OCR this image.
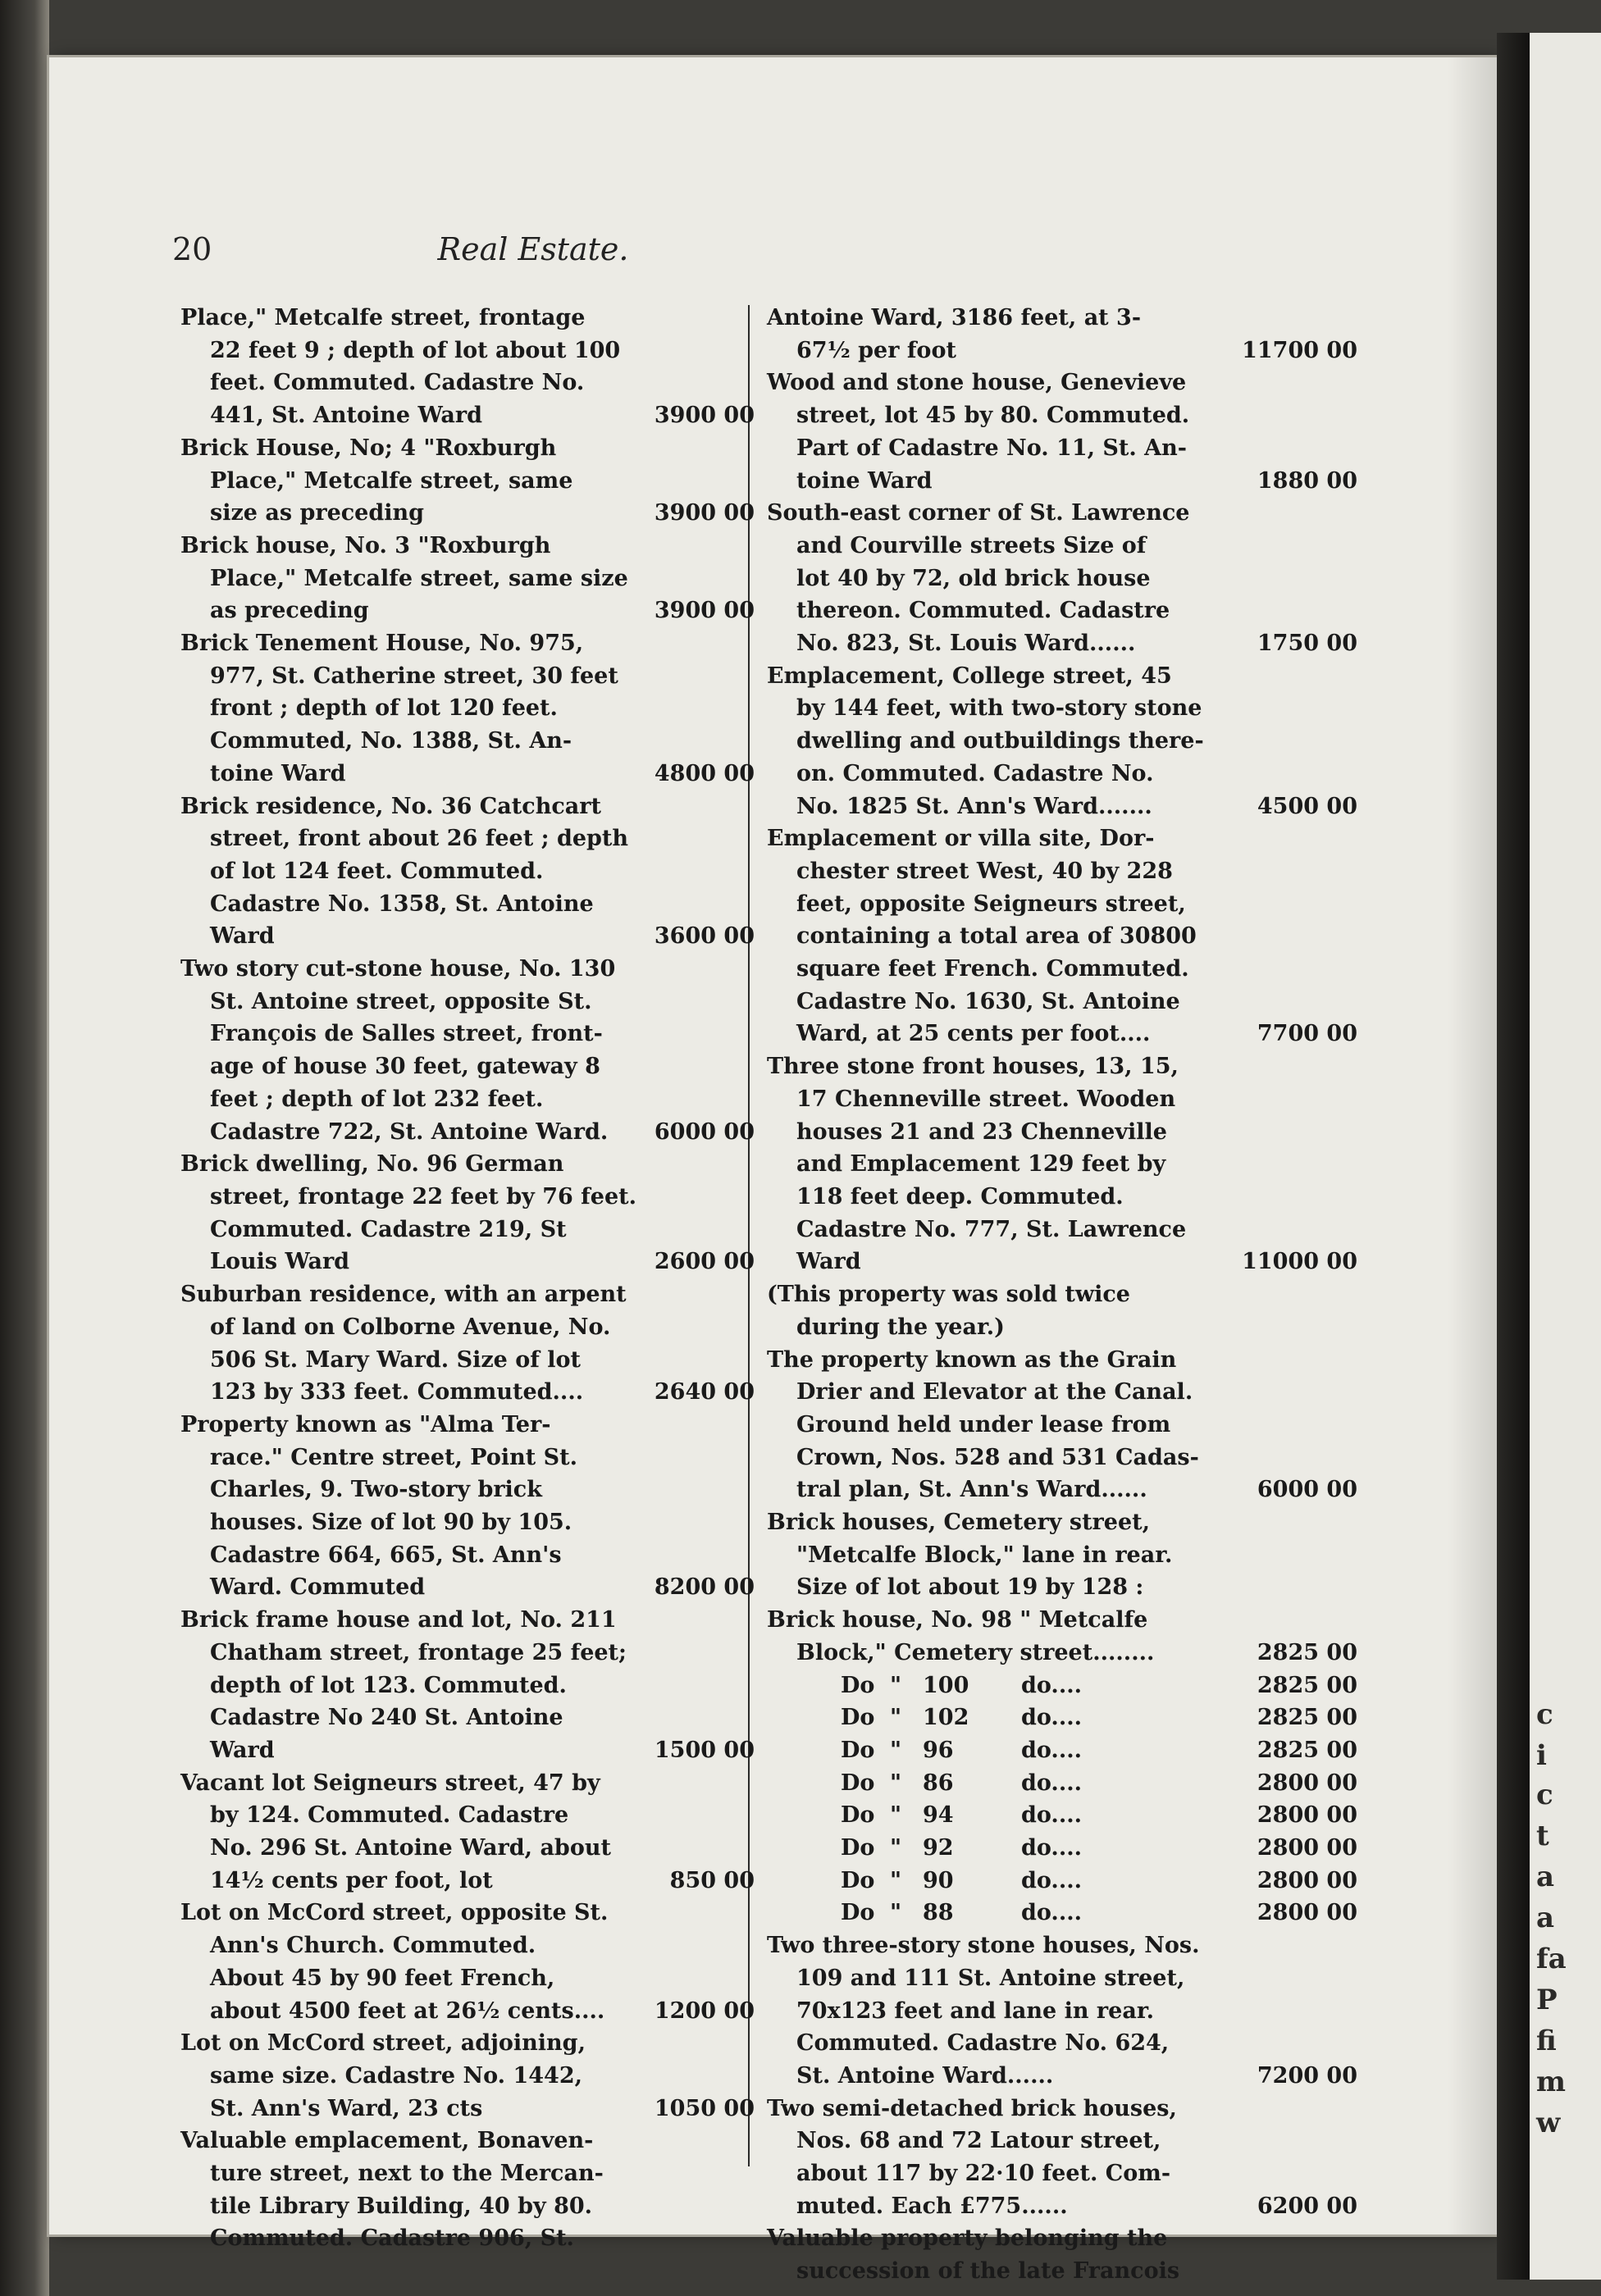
20	Real Estate.
Place," Metcalfe street, frontage
22 feet 9 ; depth of lot about 100
feet. Commuted. Cadastre No.
441, St. Antoine Ward	3900 00
Brick House, No; 4 "Roxburgh
Place," Metcalfe street, same
size as preceding	3900 00
Brick house, No. 3 "Roxburgh
Place," Metcalfe street, same size
as preceding	3900 00
Brick Tenement House, No. 975,
977, St. Catherine street, 30 feet
front ; depth of lot 120 feet.
Commuted, No. 1388, St. An-
toine Ward	4800 00
Brick residence, No. 36 Catchcart
street, front about 26 feet ; depth
of lot 124 feet. Commuted.
Cadastre No. 1358, St. Antoine
Ward	3600 00
Two story cut-stone house, No. 130
St. Antoine street, opposite St.
François de Salles street, front-
age of house 30 feet, gateway 8
feet ; depth of lot 232 feet.
Cadastre 722, St. Antoine Ward.	6000 00
Brick dwelling, No. 96 German
street, frontage 22 feet by 76 feet.
Commuted. Cadastre 219, St
Louis Ward	2600 00
Suburban residence, with an arpent
of land on Colborne Avenue, No.
506 St. Mary Ward. Size of lot
123 by 333 feet. Commuted....	2640 00
Property known as "Alma Ter-
race." Centre street, Point St.
Charles, 9. Two-story brick
houses. Size of lot 90 by 105.
Cadastre 664, 665, St. Ann's
Ward. Commuted	8200 00
Brick frame house and lot, No. 211
Chatham street, frontage 25 feet;
depth of lot 123. Commuted.
Cadastre No 240 St. Antoine
Ward	1500 00
Vacant lot Seigneurs street, 47 by
by 124. Commuted. Cadastre
No. 296 St. Antoine Ward, about
14½ cents per foot, lot	850 00
Lot on McCord street, opposite St.
Ann's Church. Commuted.
About 45 by 90 feet French,
about 4500 feet at 26½ cents....	1200 00
Lot on McCord street, adjoining,
same size. Cadastre No. 1442,
St. Ann's Ward, 23 cts	1050 00
Valuable emplacement, Bonaven-
ture street, next to the Mercan-
tile Library Building, 40 by 80.
Commuted. Cadastre 906, St.
Antoine Ward, 3186 feet, at 3-
67½ per foot	11700 00
Wood and stone house, Genevieve
street, lot 45 by 80. Commuted.
Part of Cadastre No. 11, St. An-
toine Ward	1880 00
South-east corner of St. Lawrence
and Courville streets Size of
lot 40 by 72, old brick house
thereon. Commuted. Cadastre
No. 823, St. Louis Ward......	1750 00
Emplacement, College street, 45
by 144 feet, with two-story stone
dwelling and outbuildings there-
on. Commuted. Cadastre No.
No. 1825 St. Ann's Ward.......	4500 00
Emplacement or villa site, Dor-
chester street West, 40 by 228
feet, opposite Seigneurs street,
containing a total area of 30800
square feet French. Commuted.
Cadastre No. 1630, St. Antoine
Ward, at 25 cents per foot....	7700 00
Three stone front houses, 13, 15,
17 Chenneville street. Wooden
houses 21 and 23 Chenneville
and Emplacement 129 feet by
118 feet deep. Commuted.
Cadastre No. 777, St. Lawrence
Ward	11000 00
(This property was sold twice
during the year.)
The property known as the Grain
Drier and Elevator at the Canal.
Ground held under lease from
Crown, Nos. 528 and 531 Cadas-
tral plan, St. Ann's Ward......	6000 00
Brick houses, Cemetery street,
"Metcalfe Block," lane in rear.
Size of lot about 19 by 128 :
Brick house, No. 98 " Metcalfe
Block," Cemetery street........	2825 00
Do " 100	do....	2825 00
Do " 102	do....	2825 00
Do " 96	do....	2825 00
Do " 86	do....	2800 00
Do " 94	do....	2800 00
Do " 92	do....	2800 00
Do " 90	do....	2800 00
Do " 88	do....	2800 00
Two three-story stone houses, Nos.
109 and 111 St. Antoine street,
70x123 feet and lane in rear.
Commuted. Cadastre No. 624,
St. Antoine Ward......	7200 00
Two semi-detached brick houses,
Nos. 68 and 72 Latour street,
about 117 by 22·10 feet. Com-
muted. Each £775......	6200 00
Valuable property belonging the
succession of the late Francois
c
i
c
t
a
a
fa
P
fi
m
w
